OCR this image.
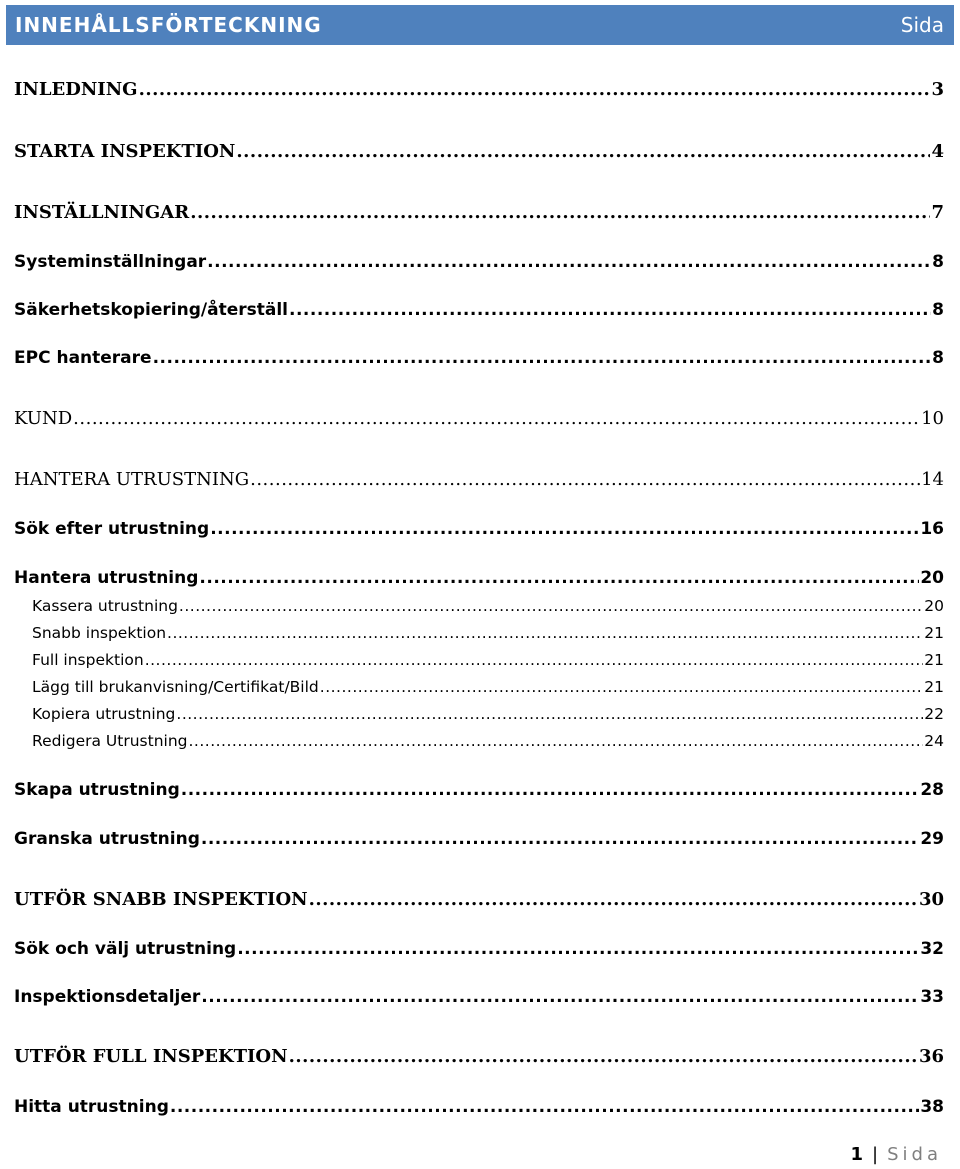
INNEHÅLLSFÖRTECKNING	Sida
INLEDNING .....	3
STARTA INSPEKTION .....	4
INSTÄLLNINGAR .....	7
Systeminställningar .....	8
Säkerhetskopiering/återställ .....	8
EPC hanterare .....	8
KUND .....	10
HANTERA UTRUSTNING .....	14
Sök efter utrustning .....	16
Hantera utrustning .....	20
Kassera utrustning .....	20
Snabb inspektion .....	21
Full inspektion .....	21
Lägg till brukanvisning/Certifikat/Bild .....	21
Kopiera utrustning .....	22
Redigera Utrustning .....	24
Skapa utrustning .....	28
Granska utrustning .....	29
UTFÖR SNABB INSPEKTION .....	30
Sök och välj utrustning .....	32
Inspektionsdetaljer .....	33
UTFÖR FULL INSPEKTION .....	36
Hitta utrustning .....	38
1 | Sida
